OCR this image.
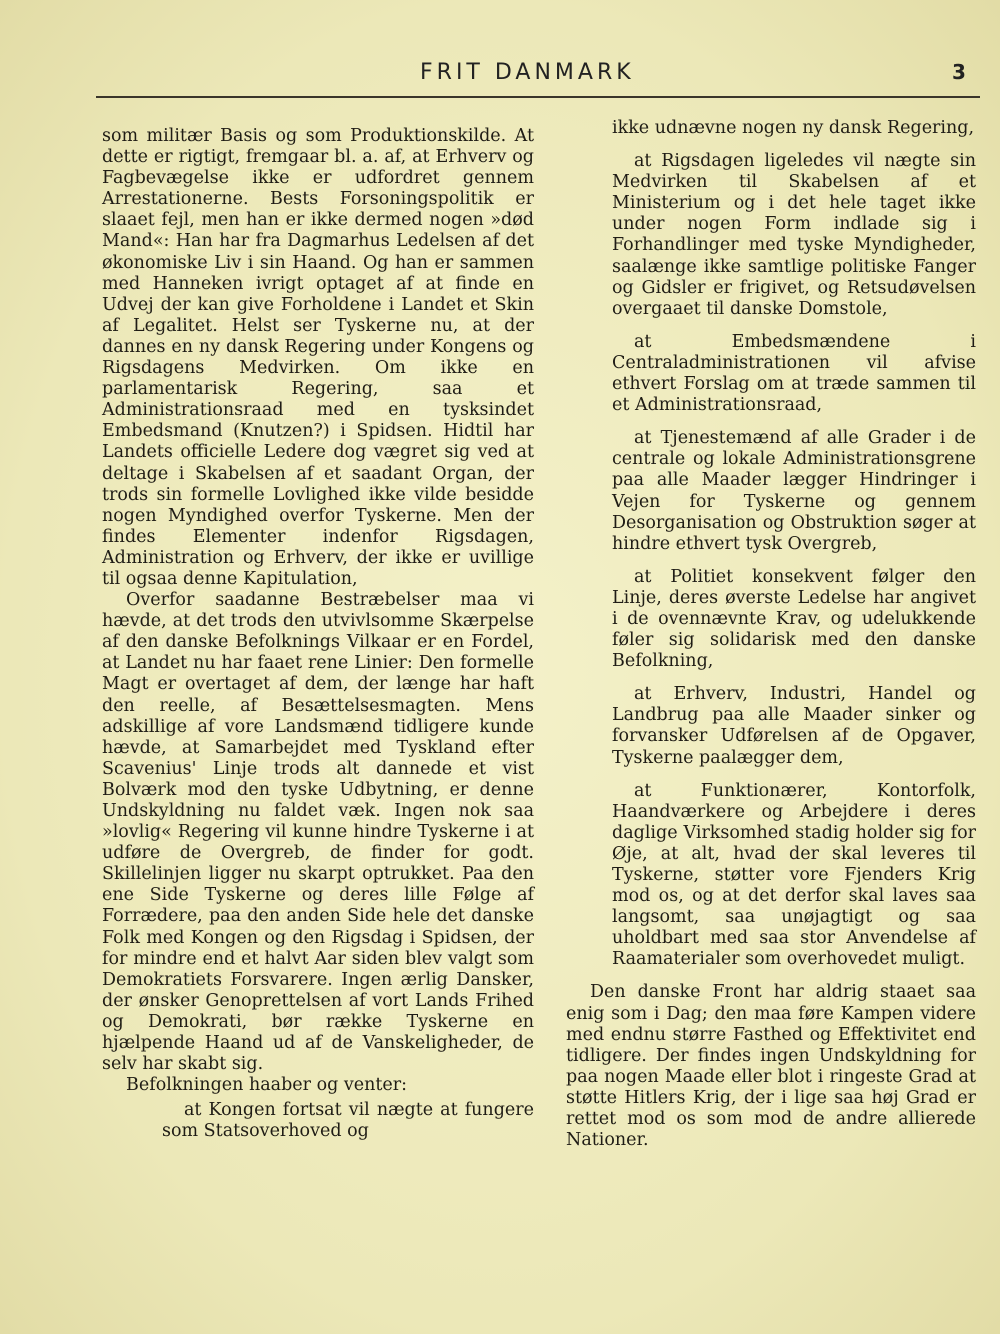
FRIT DANMARK	3

som militær Basis og som Produktionskilde. At dette er rigtigt, fremgaar bl. a. af, at Erhverv og Fagbevægelse ikke er udfordret gennem Arrestationerne. Bests Forsoningspolitik er slaaet fejl, men han er ikke dermed nogen »død Mand«: Han har fra Dagmarhus Ledelsen af det økonomiske Liv i sin Haand. Og han er sammen med Hanneken ivrigt optaget af at finde en Udvej der kan give Forholdene i Landet et Skin af Legalitet. Helst ser Tyskerne nu, at der dannes en ny dansk Regering under Kongens og Rigsdagens Medvirken. Om ikke en parlamentarisk Regering, saa et Administrationsraad med en tysksindet Embedsmand (Knutzen?) i Spidsen. Hidtil har Landets officielle Ledere dog vægret sig ved at deltage i Skabelsen af et saadant Organ, der trods sin formelle Lovlighed ikke vilde besidde nogen Myndighed overfor Tyskerne. Men der findes Elementer indenfor Rigsdagen, Administration og Erhverv, der ikke er uvillige til ogsaa denne Kapitulation,

Overfor saadanne Bestræbelser maa vi hævde, at det trods den utvivlsomme Skærpelse af den danske Befolknings Vilkaar er en Fordel, at Landet nu har faaet rene Linier: Den formelle Magt er overtaget af dem, der længe har haft den reelle, af Besættelsesmagten. Mens adskillige af vore Landsmænd tidligere kunde hævde, at Samarbejdet med Tyskland efter Scavenius' Linje trods alt dannede et vist Bolværk mod den tyske Udbytning, er denne Undskyldning nu faldet væk. Ingen nok saa »lovlig« Regering vil kunne hindre Tyskerne i at udføre de Overgreb, de finder for godt. Skillelinjen ligger nu skarpt optrukket. Paa den ene Side Tyskerne og deres lille Følge af Forrædere, paa den anden Side hele det danske Folk med Kongen og den Rigsdag i Spidsen, der for mindre end et halvt Aar siden blev valgt som Demokratiets Forsvarere. Ingen ærlig Dansker, der ønsker Genoprettelsen af vort Lands Frihed og Demokrati, bør række Tyskerne en hjælpende Haand ud af de Vanskeligheder, de selv har skabt sig.

Befolkningen haaber og venter:

at Kongen fortsat vil nægte at fungere som Statsoverhoved og

ikke udnævne nogen ny dansk Regering,

at Rigsdagen ligeledes vil nægte sin Medvirken til Skabelsen af et Ministerium og i det hele taget ikke under nogen Form indlade sig i Forhandlinger med tyske Myndigheder, saalænge ikke samtlige politiske Fanger og Gidsler er frigivet, og Retsudøvelsen overgaaet til danske Domstole,

at Embedsmændene i Centraladministrationen vil afvise ethvert Forslag om at træde sammen til et Administrationsraad,

at Tjenestemænd af alle Grader i de centrale og lokale Administrationsgrene paa alle Maader lægger Hindringer i Vejen for Tyskerne og gennem Desorganisation og Obstruktion søger at hindre ethvert tysk Overgreb,

at Politiet konsekvent følger den Linje, deres øverste Ledelse har angivet i de ovennævnte Krav, og udelukkende føler sig solidarisk med den danske Befolkning,

at Erhverv, Industri, Handel og Landbrug paa alle Maader sinker og forvansker Udførelsen af de Opgaver, Tyskerne paalægger dem,

at Funktionærer, Kontorfolk, Haandværkere og Arbejdere i deres daglige Virksomhed stadig holder sig for Øje, at alt, hvad der skal leveres til Tyskerne, støtter vore Fjenders Krig mod os, og at det derfor skal laves saa langsomt, saa unøjagtigt og saa uholdbart med saa stor Anvendelse af Raamaterialer som overhovedet muligt.

Den danske Front har aldrig staaet saa enig som i Dag; den maa føre Kampen videre med endnu større Fasthed og Effektivitet end tidligere. Der findes ingen Undskyldning for paa nogen Maade eller blot i ringeste Grad at støtte Hitlers Krig, der i lige saa høj Grad er rettet mod os som mod de andre allierede Nationer.
